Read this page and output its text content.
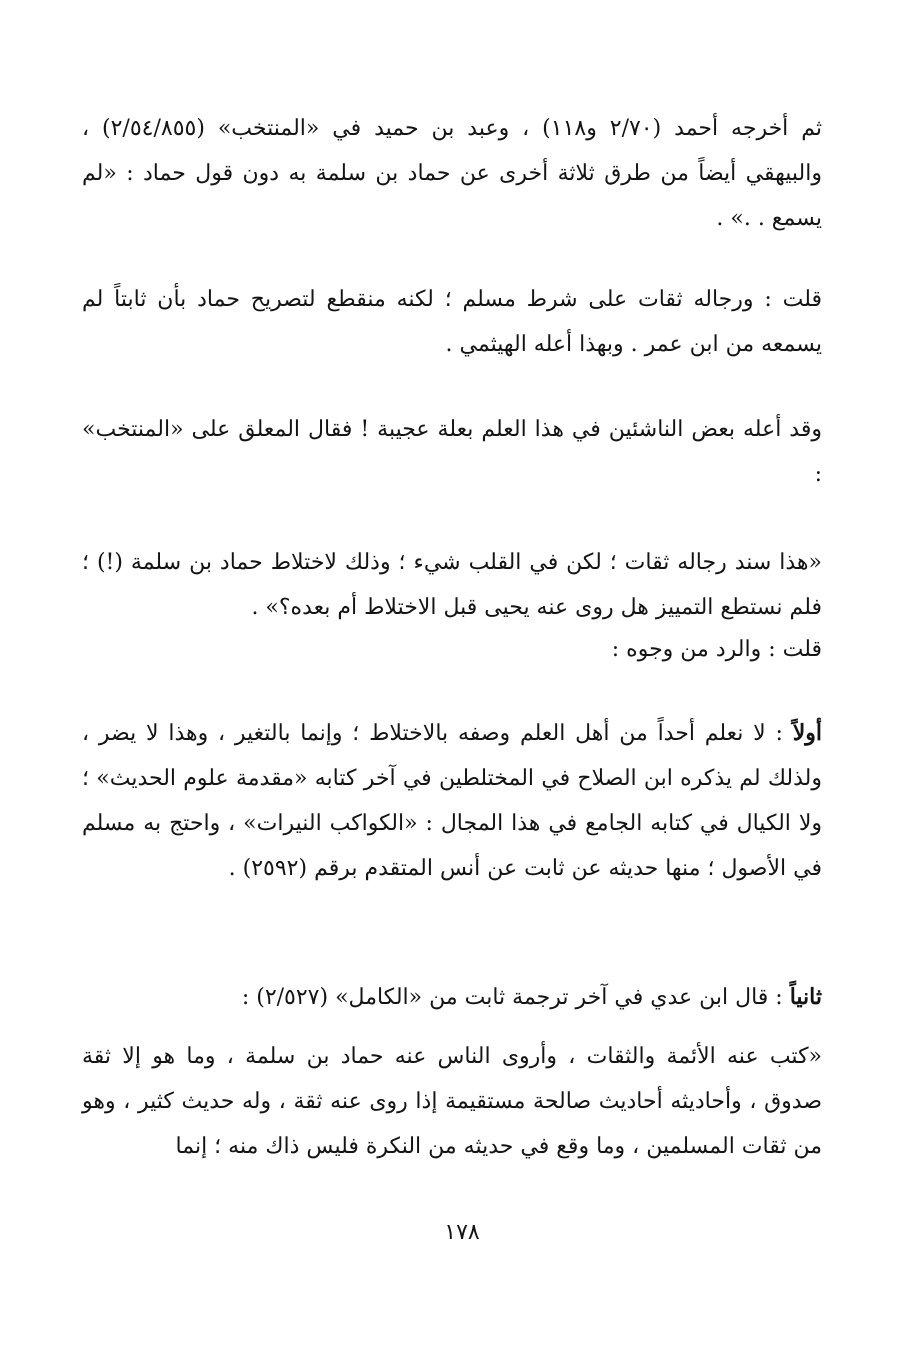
ثم أخرجه أحمد (٢/٧٠ و١١٨) ، وعبد بن حميد في «المنتخب» (٢/٥٤/٨٥٥) ، والبيهقي أيضاً من طرق ثلاثة أخرى عن حماد بن سلمة به دون قول حماد : «لم يسمع . .» .

قلت : ورجاله ثقات على شرط مسلم ؛ لكنه منقطع لتصريح حماد بأن ثابتاً لم يسمعه من ابن عمر . وبهذا أعله الهيثمي .

وقد أعله بعض الناشئين في هذا العلم بعلة عجيبة ! فقال المعلق على «المنتخب» :

«هذا سند رجاله ثقات ؛ لكن في القلب شيء ؛ وذلك لاختلاط حماد بن سلمة (!) ؛ فلم نستطع التمييز هل روى عنه يحيى قبل الاختلاط أم بعده؟» .

قلت : والرد من وجوه :

أولاً : لا نعلم أحداً من أهل العلم وصفه بالاختلاط ؛ وإنما بالتغير ، وهذا لا يضر ، ولذلك لم يذكره ابن الصلاح في المختلطين في آخر كتابه «مقدمة علوم الحديث» ؛ ولا الكيال في كتابه الجامع في هذا المجال : «الكواكب النيرات» ، واحتج به مسلم في الأصول ؛ منها حديثه عن ثابت عن أنس المتقدم برقم (٢٥٩٢) .

ثانياً : قال ابن عدي في آخر ترجمة ثابت من «الكامل» (٢/٥٢٧) :

«كتب عنه الأئمة والثقات ، وأروى الناس عنه حماد بن سلمة ، وما هو إلا ثقة صدوق ، وأحاديثه أحاديث صالحة مستقيمة إذا روى عنه ثقة ، وله حديث كثير ، وهو من ثقات المسلمين ، وما وقع في حديثه من النكرة فليس ذاك منه ؛ إنما

١٧٨
